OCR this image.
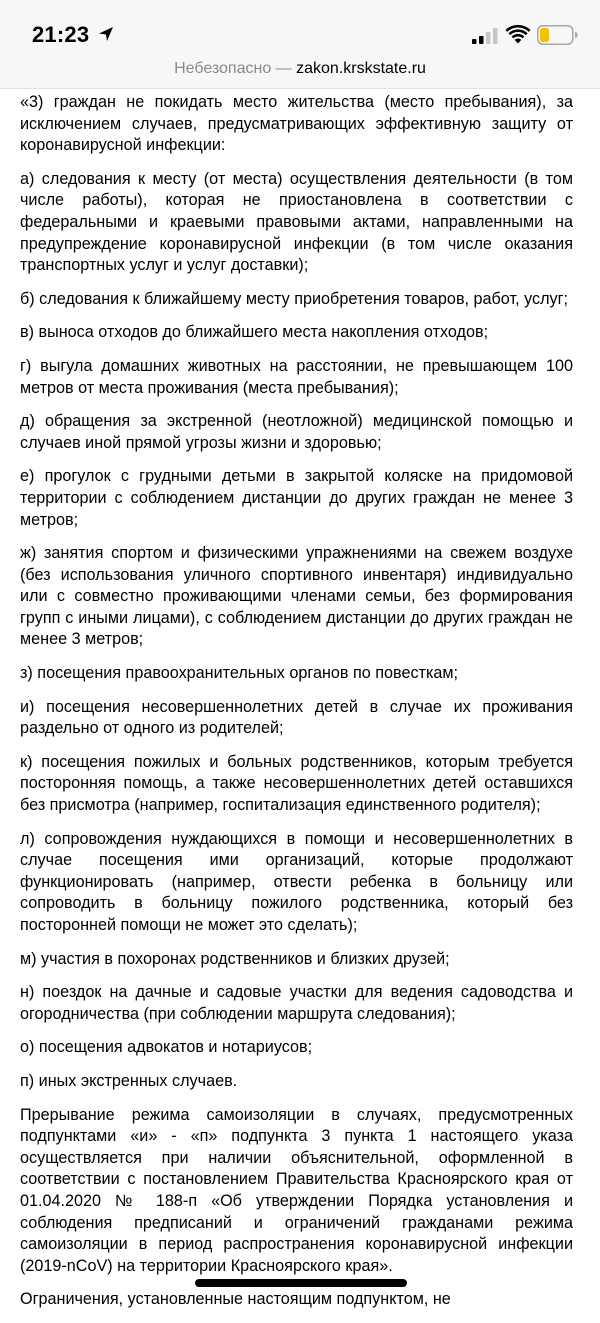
21:23
Небезопасно — zakon.krskstate.ru

«3) граждан не покидать место жительства (место пребывания), за исключением случаев, предусматривающих эффективную защиту от коронавирусной инфекции:

а) следования к месту (от места) осуществления деятельности (в том числе работы), которая не приостановлена в соответствии с федеральными и краевыми правовыми актами, направленными на предупреждение коронавирусной инфекции (в том числе оказания транспортных услуг и услуг доставки);

б) следования к ближайшему месту приобретения товаров, работ, услуг;

в) выноса отходов до ближайшего места накопления отходов;

г) выгула домашних животных на расстоянии, не превышающем 100 метров от места проживания (места пребывания);

д) обращения за экстренной (неотложной) медицинской помощью и случаев иной прямой угрозы жизни и здоровью;

е) прогулок с грудными детьми в закрытой коляске на придомовой территории с соблюдением дистанции до других граждан не менее 3 метров;

ж) занятия спортом и физическими упражнениями на свежем воздухе (без использования уличного спортивного инвентаря) индивидуально или с совместно проживающими членами семьи, без формирования групп с иными лицами), с соблюдением дистанции до других граждан не менее 3 метров;

з) посещения правоохранительных органов по повесткам;

и) посещения несовершеннолетних детей в случае их проживания раздельно от одного из родителей;

к) посещения пожилых и больных родственников, которым требуется посторонняя помощь, а также несовершеннолетних детей оставшихся без присмотра (например, госпитализация единственного родителя);

л) сопровождения нуждающихся в помощи и несовершеннолетних в случае посещения ими организаций, которые продолжают функционировать (например, отвести ребенка в больницу или сопроводить в больницу пожилого родственника, который без посторонней помощи не может это сделать);

м) участия в похоронах родственников и близких друзей;

н) поездок на дачные и садовые участки для ведения садоводства и огородничества (при соблюдении маршрута следования);

о) посещения адвокатов и нотариусов;

п) иных экстренных случаев.

Прерывание режима самоизоляции в случаях, предусмотренных подпунктами «и» - «п» подпункта 3 пункта 1 настоящего указа осуществляется при наличии объяснительной, оформленной в соответствии с постановлением Правительства Красноярского края от 01.04.2020 № 188-п «Об утверждении Порядка установления и соблюдения предписаний и ограничений гражданами режима самоизоляции в период распространения коронавирусной инфекции (2019-nCoV) на территории Красноярского края».

Ограничения, установленные настоящим подпунктом, не
